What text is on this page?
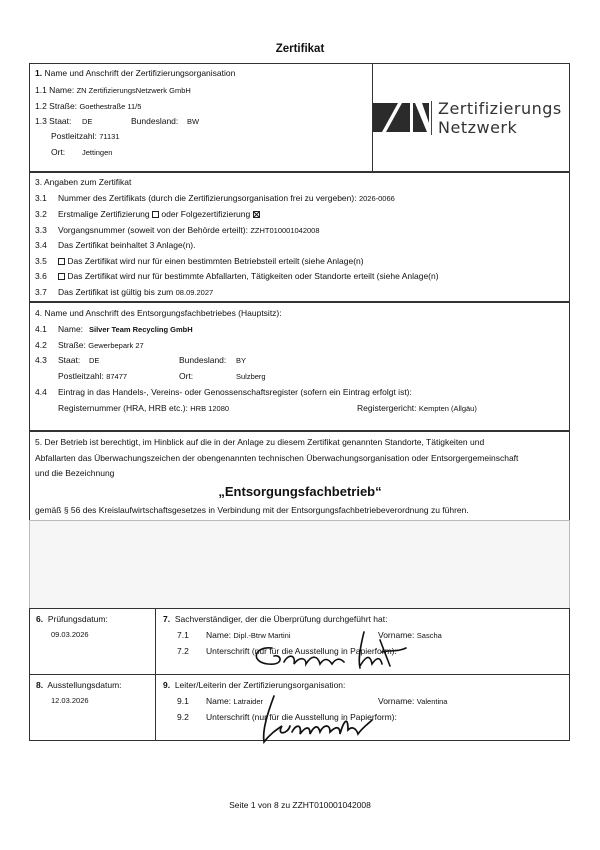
Zertifikat
1. Name und Anschrift der Zertifizierungsorganisation
1.1 Name: ZN ZertifizierungsNetzwerk GmbH
1.2 Straße: Goethestraße 11/5
1.3 Staat: DE	Bundesland: BW
Postleitzahl: 71131
Ort: Jettingen
Zertifizierungs
Netzwerk
3. Angaben zum Zertifikat
3.1 Nummer des Zertifikats (durch die Zertifizierungsorganisation frei zu vergeben): 2026-0066
3.2 Erstmalige Zertifizierung oder Folgezertifizierung
3.3 Vorgangsnummer (soweit von der Behörde erteilt): ZZHT010001042008
3.4 Das Zertifikat beinhaltet 3 Anlage(n).
3.5	Das Zertifikat wird nur für einen bestimmten Betriebsteil erteilt (siehe Anlage(n)
3.6	Das Zertifikat wird nur für bestimmte Abfallarten, Tätigkeiten oder Standorte erteilt (siehe Anlage(n)
3.7 Das Zertifikat ist gültig bis zum 08.09.2027
4. Name und Anschrift des Entsorgungsfachbetriebes (Hauptsitz):
4.1 Name: Silver Team Recycling GmbH
4.2 Straße: Gewerbepark 27
4.3 Staat: DE	Bundesland: BY
Postleitzahl: 87477	Ort:	Sulzberg
4.4 Eintrag in das Handels-, Vereins- oder Genossenschaftsregister (sofern ein Eintrag erfolgt ist):
Registernummer (HRA, HRB etc.): HRB 12080	Registergericht: Kempten (Allgäu)
5. Der Betrieb ist berechtigt, im Hinblick auf die in der Anlage zu diesem Zertifikat genannten Standorte, Tätigkeiten und
Abfallarten das Überwachungszeichen der obengenannten technischen Überwachungsorganisation oder Entsorgergemeinschaft
und die Bezeichnung
„Entsorgungsfachbetrieb“
gemäß § 56 des Kreislaufwirtschaftsgesetzes in Verbindung mit der Entsorgungsfachbetriebeverordnung zu führen.
6. Prüfungsdatum:
09.03.2026
7. Sachverständiger, der die Überprüfung durchgeführt hat:
7.1 Name: Dipl.-Btrw Martini	Vorname: Sascha
7.2 Unterschrift (nur für die Ausstellung in Papierform):
8. Ausstellungsdatum:
12.03.2026
9. Leiter/Leiterin der Zertifizierungsorganisation:
9.1 Name: Latraider	Vorname: Valentina
9.2 Unterschrift (nur für die Ausstellung in Papierform):
Seite 1 von 8 zu ZZHT010001042008
